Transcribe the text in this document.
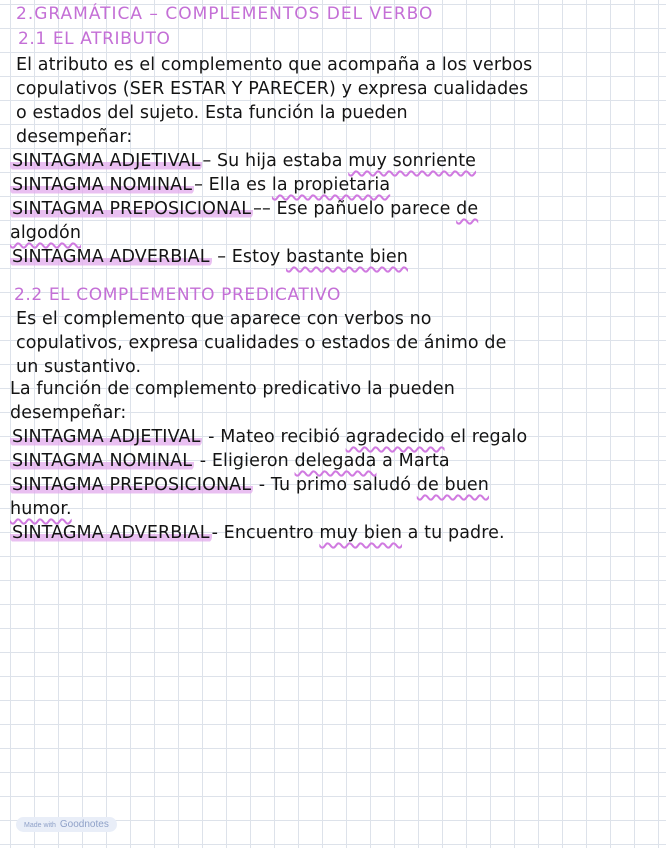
2.GRAMÁTICA – COMPLEMENTOS DEL VERBO
2.1 EL ATRIBUTO
El atributo es el complemento que acompaña a los verbos
copulativos (SER ESTAR Y PARECER) y expresa cualidades
o estados del sujeto. Esta función la pueden
desempeñar:
SINTAGMA ADJETIVAL – Su hija estaba muy sonriente
SINTAGMA NOMINAL – Ella es la propietaria
SINTAGMA PREPOSICIONAL –– Ese pañuelo parece de
algodón
SINTAGMA ADVERBIAL – Estoy bastante bien
2.2 EL COMPLEMENTO PREDICATIVO
Es el complemento que aparece con verbos no
copulativos, expresa cualidades o estados de ánimo de
un sustantivo.
La función de complemento predicativo la pueden
desempeñar:
SINTAGMA ADJETIVAL - Mateo recibió agradecido el regalo
SINTAGMA NOMINAL - Eligieron delegada a Marta
SINTAGMA PREPOSICIONAL - Tu primo saludó de buen
humor.
SINTAGMA ADVERBIAL - Encuentro muy bien a tu padre.
Made with Goodnotes
